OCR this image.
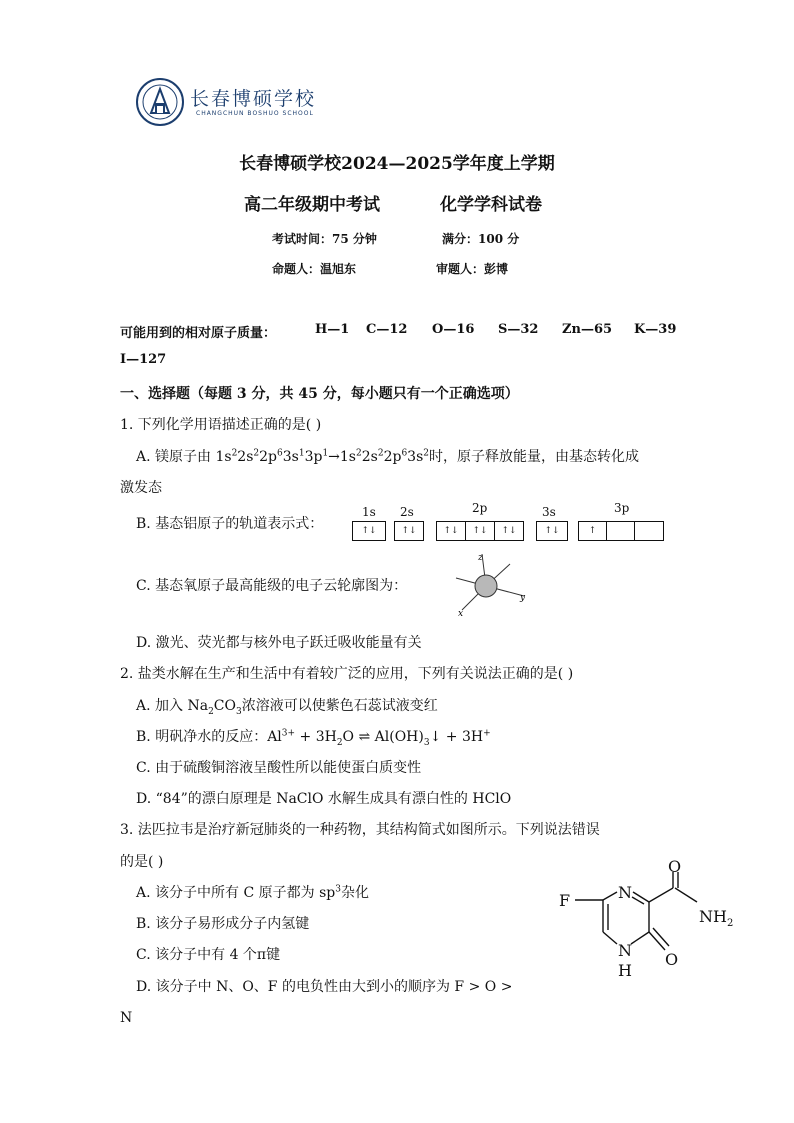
长春博硕学校
CHANGCHUN BOSHUO SCHOOL
长春博硕学校2024—2025学年度上学期
高二年级期中考试	化学学科试卷
考试时间：75 分钟	满分：100 分
命题人：温旭东	审题人：彭博
可能用到的相对原子质量：	H—1 C—12 O—16 S—32 Zn—65 K—39
I—127
一、选择题（每题 3 分，共 45 分，每小题只有一个正确选项）
1. 下列化学用语描述正确的是( )
A. 镁原子由 $1s^22s^22p^63s^13p^1\to 1s^22s^22p^63s^2$时，原子释放能量，由基态转化成
激发态
B. 基态铝原子的轨道表示式：
1s
↑↓
2s
↑↓
2p
↑↓	↑↓	↑↓
3s
↑↓
3p
↑
C. 基态氧原子最高能级的电子云轮廓图为：
z
y
x
D. 激光、荧光都与核外电子跃迁吸收能量有关
2. 盐类水解在生产和生活中有着较广泛的应用，下列有关说法正确的是( )
A. 加入 $Na_2CO_3$浓溶液可以使紫色石蕊试液变红
B. 明矾净水的反应：$Al^{3+} + 3H_2O$ ⇌ $Al(OH)_3↓ + 3H^+$
C. 由于硫酸铜溶液呈酸性所以能使蛋白质变性
D. “84”的漂白原理是 NaClO 水解生成具有漂白性的 HClO
3. 法匹拉韦是治疗新冠肺炎的一种药物，其结构简式如图所示。下列说法错误
的是( )
A. 该分子中所有 C 原子都为 $sp^3$杂化
B. 该分子易形成分子内氢键
C. 该分子中有 4 个π键
D. 该分子中 N、O、F 的电负性由大到小的顺序为 F > O >
N
F	N
N
H
O
O
$NH_2$
